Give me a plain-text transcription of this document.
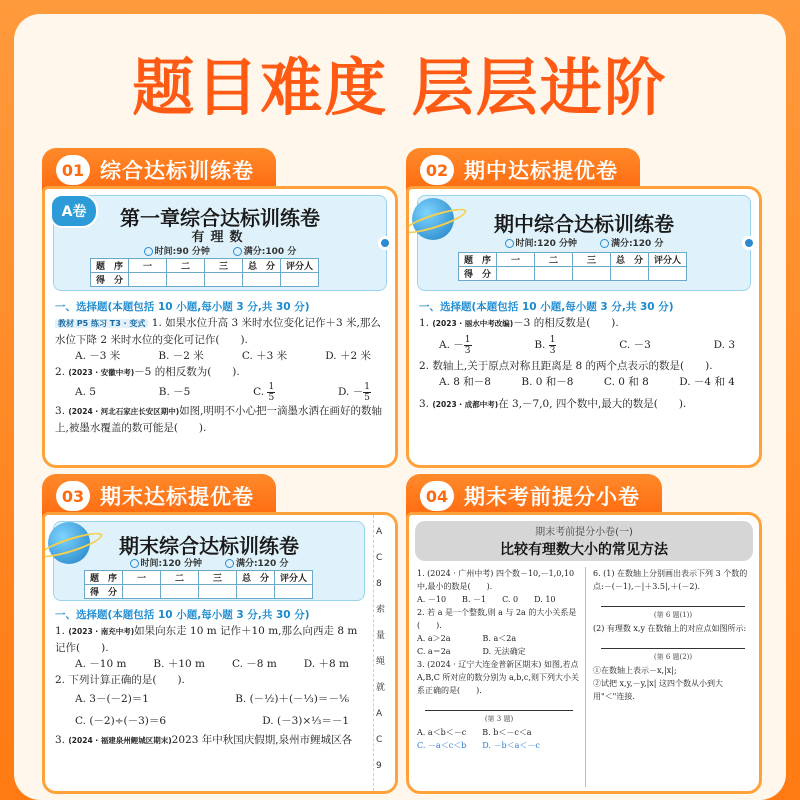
题目难度 层层进阶
01 综合达标训练卷
A卷	第一章综合达标训练卷
有理数
时间:90 分钟	满分:100 分
题　序	一	二	三	总　分	评分人
得　分					
一、选择题(本题包括 10 小题,每小题 3 分,共 30 分)
教材 P5 练习 T3 · 变式 1. 如果水位升高 3 米时水位变化记作＋3 米,那么水位下降 2 米时水位的变化可记作(　　).
A. －3 米	B. －2 米	C. ＋3 米	D. ＋2 米
2. (2023 · 安徽中考)－5 的相反数为(　　).
A. 5	B. －5	C. 1
5	D. － 1
5
3. (2024 · 河北石家庄长安区期中)如图,明明不小心把一滴墨水洒在画好的数轴上,被墨水覆盖的数可能是(　　).
02 期中达标提优卷
期中综合达标训练卷
时间:120 分钟	满分:120 分
题　序	一	二	三	总　分	评分人
得　分					
一、选择题(本题包括 10 小题,每小题 3 分,共 30 分)
1. (2023 · 丽水中考改编)－3 的相反数是(　　).
A. － 1
3	B. 1
3	C. －3	D. 3
2. 数轴上,关于原点对称且距离是 8 的两个点表示的数是(　　).
A. 8 和－8	B. 0 和－8	C. 0 和 8	D. －4 和 4
3. (2023 · 成都中考)在 3,－7,0, 四个数中,最大的数是(　　).
03 期末达标提优卷
期末综合达标训练卷
时间:120 分钟	满分:120 分
题　序	一	二	三	总　分	评分人
得　分					
一、选择题(本题包括 10 小题,每小题 3 分,共 30 分)
1. (2023 · 南充中考)如果向东走 10 m 记作＋10 m,那么向西走 8 m 记作(　　).
A. －10 m	B. ＋10 m	C. －8 m	D. ＋8 m
2. 下列计算正确的是(　　).
A. 3－(－2)＝1	B. (－½)＋(－⅓)＝－⅙
C. (－2)÷(－3)＝6	D. (－3)×⅓＝－1
3. (2024 · 福建泉州鲤城区期末)2023 年中秋国庆假期,泉州市鲤城区各
A
C
8
索
量
绳
就
A
C
9
04 期末考前提分小卷
期末考前提分小卷(一)
比较有理数大小的常见方法
1. (2024 · 广州中考) 四个数－10,－1,0,10 中,最小的数是(　　).
A. －10　　B. －1　　C. 0　　D. 10
2. 若 a 是一个整数,则 a 与 2a 的大小关系是(　　).
A. a＞2a　　　　B. a＜2a
C. a＝2a　　　　D. 无法确定
3. (2024 · 辽宁大连金普新区期末) 如图,若点 A,B,C 所对应的数分别为 a,b,c,则下列大小关系正确的是(　　).
(第 3 题)
A. a＜b＜－c　　B. b＜－c＜a
C. －a＜c＜b　　D. －b＜a＜－c
6. (1) 在数轴上分别画出表示下列 3 个数的点:－(－1),－|＋3.5|,＋(－2).
(第 6 题(1))
(2) 有理数 x,y 在数轴上的对应点如图所示:
(第 6 题(2))
①在数轴上表示－x,|x|;
②试把 x,y,－y,|x| 这四个数从小到大用"＜"连接.
